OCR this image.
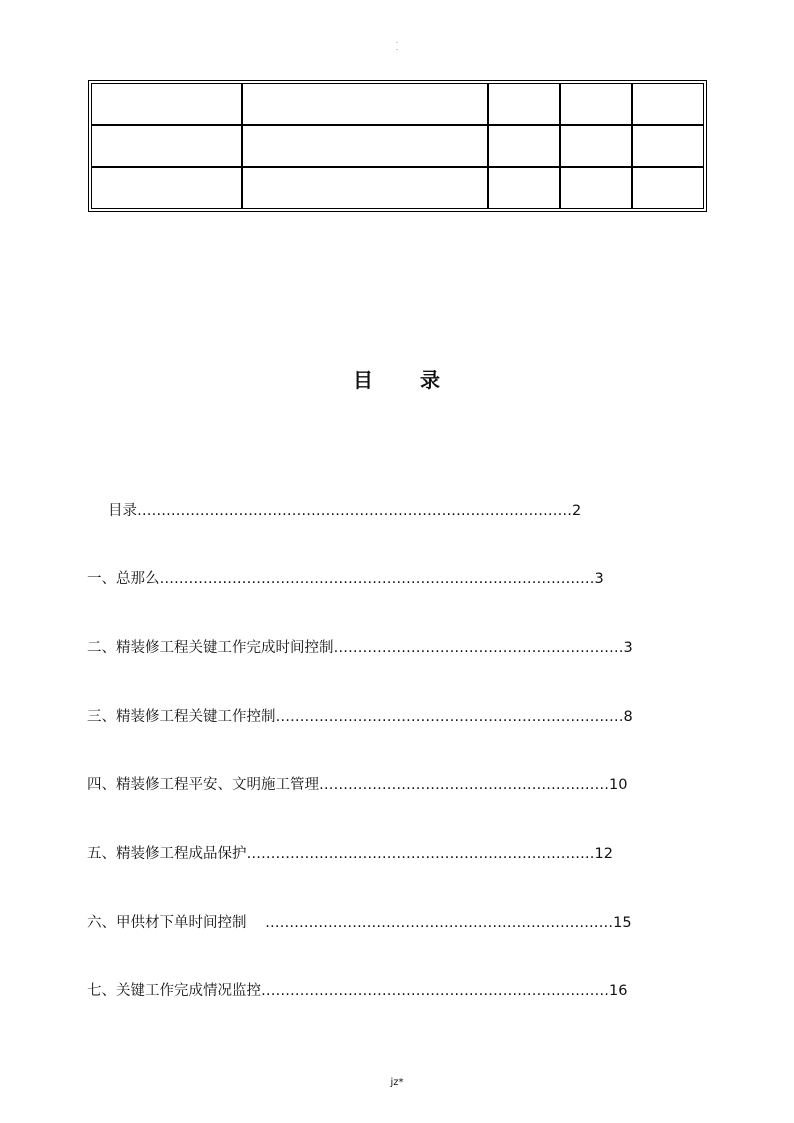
·
·

目 录
目录………………………………………………………………………………2
一、总那么………………………………………………………………………………3
二、精装修工程关键工作完成时间控制……………………………………………………3
三、精装修工程关键工作控制………………………………………………………………8
四、精装修工程平安、文明施工管理……………………………………………………10
五、精装修工程成品保护………………………………………………………………12
六、甲供材下单时间控制 ………………………………………………………………15
七、关键工作完成情况监控………………………………………………………………16
jz*
